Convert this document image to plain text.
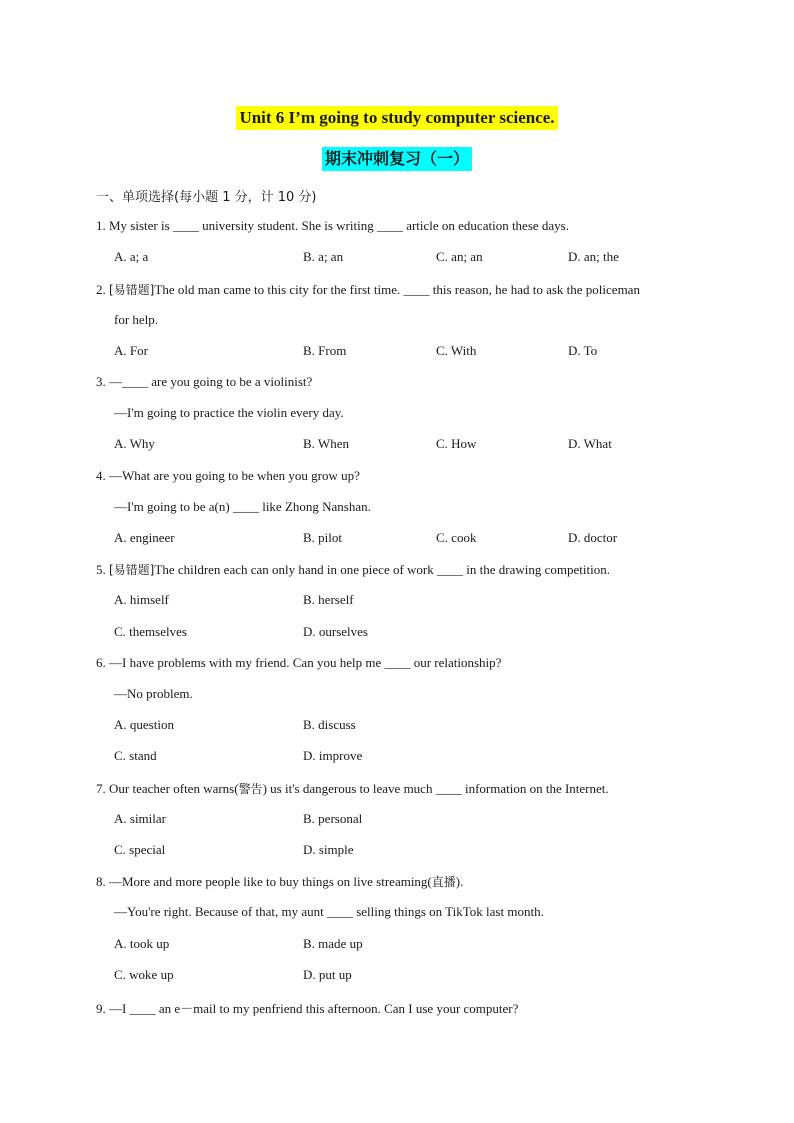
Unit 6 I’m going to study computer science.
期末冲刺复习（一）
一、单项选择(每小题 1 分，计 10 分)
1. My sister is ____ university student. She is writing ____ article on education these days.
A. a; a	B. a; an	C. an; an	D. an; the
2. [易错题]The old man came to this city for the first time. ____ this reason, he had to ask the policeman
for help.
A. For	B. From	C. With	D. To
3. —____ are you going to be a violinist?
—I'm going to practice the violin every day.
A. Why	B. When	C. How	D. What
4. —What are you going to be when you grow up?
—I'm going to be a(n) ____ like Zhong Nanshan.
A. engineer	B. pilot	C. cook	D. doctor
5. [易错题]The children each can only hand in one piece of work ____ in the drawing competition.
A. himself	B. herself
C. themselves	D. ourselves
6. —I have problems with my friend. Can you help me ____ our relationship?
—No problem.
A. question	B. discuss
C. stand	D. improve
7. Our teacher often warns(警告) us it's dangerous to leave much ____ information on the Internet.
A. similar	B. personal
C. special	D. simple
8. —More and more people like to buy things on live streaming(直播).
—You're right. Because of that, my aunt ____ selling things on TikTok last month.
A. took up	B. made up
C. woke up	D. put up
9. —I ____ an e－mail to my penfriend this afternoon. Can I use your computer?
